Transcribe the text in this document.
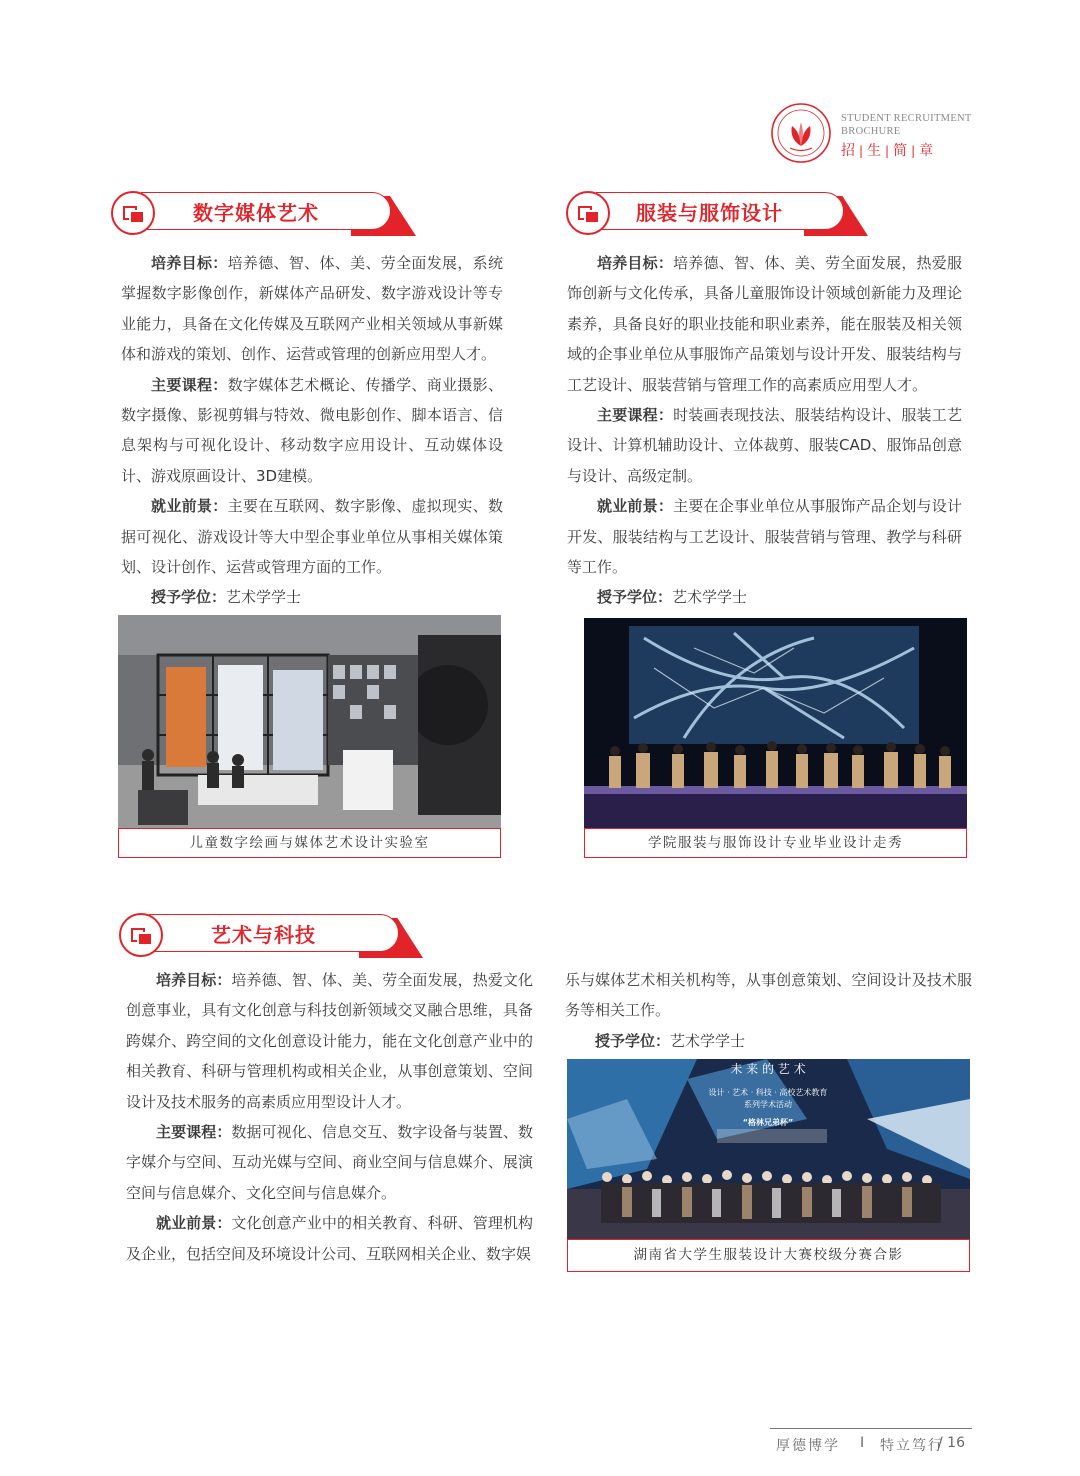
STUDENT RECRUITMENT
BROCHURE
招 | 生 | 简 | 章
数字媒体艺术

培养目标：培养德、智、体、美、劳全面发展，系统掌握数字影像创作，新媒体产品研发、数字游戏设计等专业能力，具备在文化传媒及互联网产业相关领域从事新媒体和游戏的策划、创作、运营或管理的创新应用型人才。

主要课程：数字媒体艺术概论、传播学、商业摄影、数字摄像、影视剪辑与特效、微电影创作、脚本语言、信息架构与可视化设计、移动数字应用设计、互动媒体设计、游戏原画设计、3D建模。

就业前景：主要在互联网、数字影像、虚拟现实、数据可视化、游戏设计等大中型企事业单位从事相关媒体策划、设计创作、运营或管理方面的工作。

授予学位：艺术学学士

儿童数字绘画与媒体艺术设计实验室
服装与服饰设计

培养目标：培养德、智、体、美、劳全面发展，热爱服饰创新与文化传承，具备儿童服饰设计领域创新能力及理论素养，具备良好的职业技能和职业素养，能在服装及相关领域的企事业单位从事服饰产品策划与设计开发、服装结构与工艺设计、服装营销与管理工作的高素质应用型人才。

主要课程：时装画表现技法、服装结构设计、服装工艺设计、计算机辅助设计、立体裁剪、服装CAD、服饰品创意与设计、高级定制。

就业前景：主要在企事业单位从事服饰产品企划与设计开发、服装结构与工艺设计、服装营销与管理、教学与科研等工作。

授予学位：艺术学学士

学院服装与服饰设计专业毕业设计走秀
艺术与科技

培养目标：培养德、智、体、美、劳全面发展，热爱文化创意事业，具有文化创意与科技创新领域交叉融合思维，具备跨媒介、跨空间的文化创意设计能力，能在文化创意产业中的相关教育、科研与管理机构或相关企业，从事创意策划、空间设计及技术服务的高素质应用型设计人才。

主要课程：数据可视化、信息交互、数字设备与装置、数字媒介与空间、互动光媒与空间、商业空间与信息媒介、展演空间与信息媒介、文化空间与信息媒介。

就业前景：文化创意产业中的相关教育、科研、管理机构及企业，包括空间及环境设计公司、互联网相关企业、数字娱

乐与媒体艺术相关机构等，从事创意策划、空间设计及技术服务等相关工作。

授予学位：艺术学学士

未 来 的 艺 术
设计 · 艺术 · 科技 · 高校艺术教育
系列学术活动
“格林兄弟杯”
湖南省大学生服装设计大赛校级分赛合影
厚德博学 I 特立笃行
/ 16
